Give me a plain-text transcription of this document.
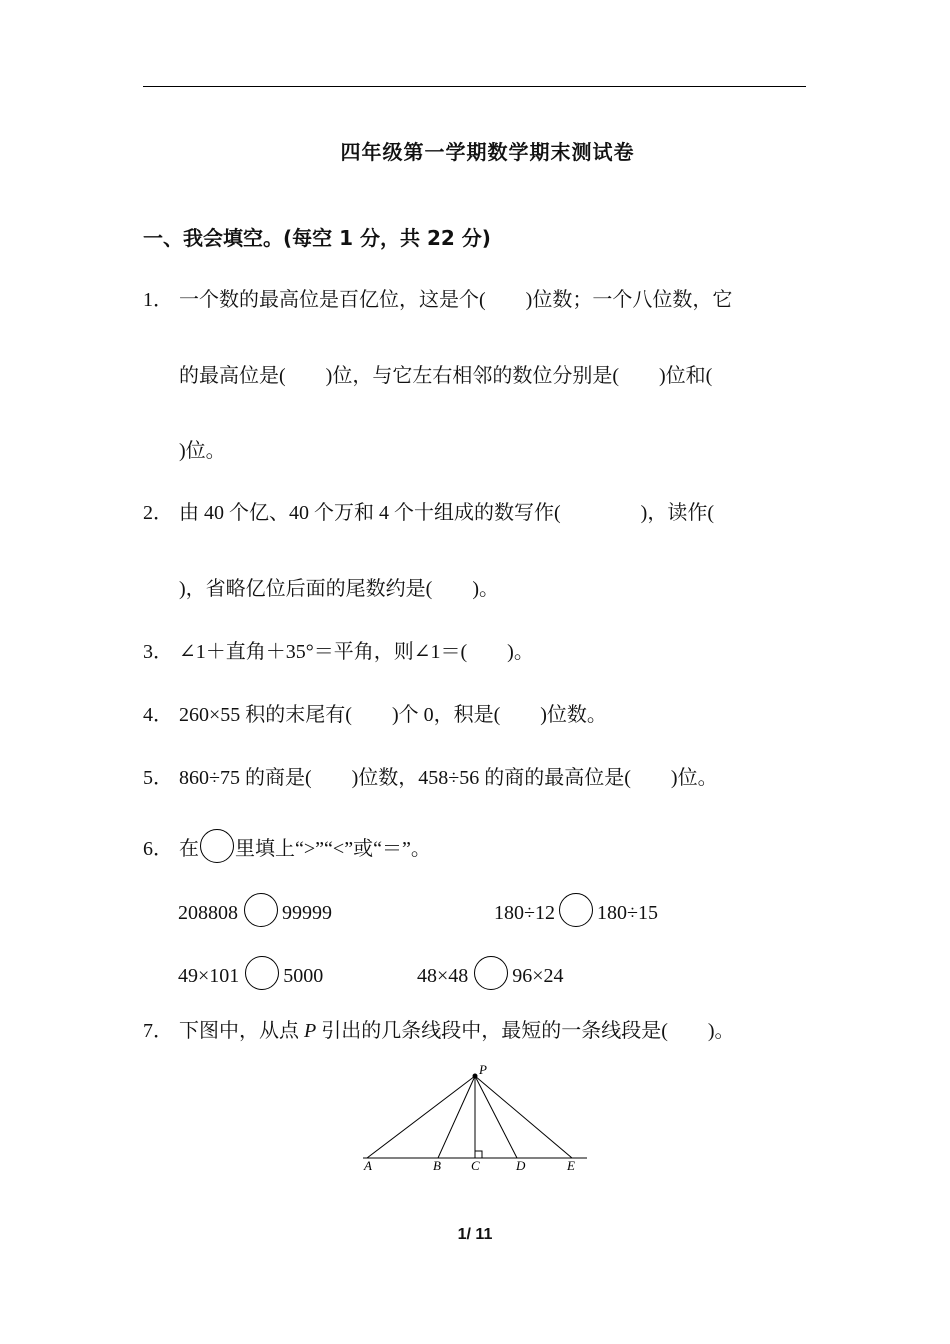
四年级第一学期数学期末测试卷
一、我会填空。(每空 1 分，共 22 分)
1． 一个数的最高位是百亿位，这是个(　　)位数；一个八位数，它
的最高位是(　　)位，与它左右相邻的数位分别是(　　)位和(
)位。
2． 由 40 个亿、40 个万和 4 个十组成的数写作(　　　　)，读作(
)，省略亿位后面的尾数约是(　　)。
3． ∠1＋直角＋35°＝平角，则∠1＝(　　)。
4． 260×55 积的末尾有(　　)个 0，积是(　　)位数。
5． 860÷75 的商是(　　)位数，458÷56 的商的最高位是(　　)位。
6． 在 里填上“>”“<”或“＝”。
208808 99999	180÷12 180÷15
49×101 5000	48×48 96×24
7． 下图中，从点 P 引出的几条线段中，最短的一条线段是(　　)。
P
A	B C	D	E
1/ 11
